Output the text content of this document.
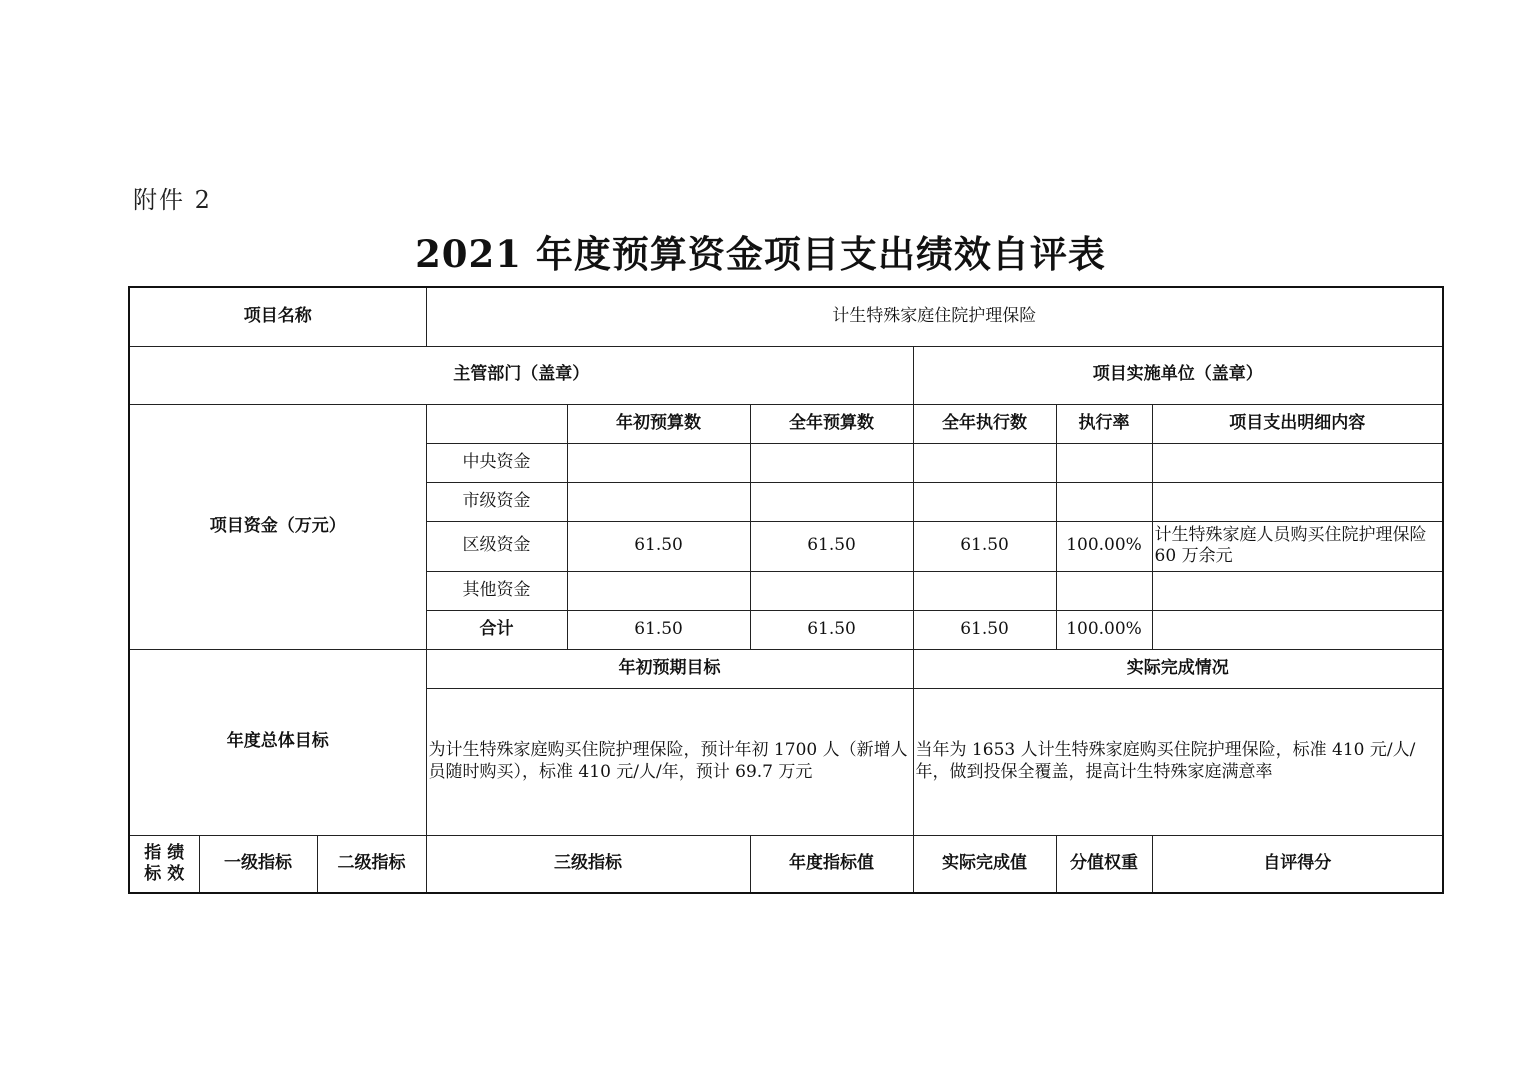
附件 2
2021 年度预算资金项目支出绩效自评表
项目名称			计生特殊家庭住院护理保险					
主管部门（盖章）						项目实施单位（盖章）		
项目资金（万元）				年初预算数	全年预算数	全年执行数	执行率	项目支出明细内容
			中央资金					
			市级资金					
			区级资金	61.50	61.50	61.50	100.00%	计生特殊家庭人员购买住院护理保险 60 万余元
			其他资金					
			合计	61.50	61.50	61.50	100.00%	
年度总体目标			年初预期目标			实际完成情况		
			为计生特殊家庭购买住院护理保险，预计年初 1700 人（新增人员随时购买），标准 410 元/人/年，预计 69.7 万元			当年为 1653 人计生特殊家庭购买住院护理保险，标准 410 元/人/年，做到投保全覆盖，提高计生特殊家庭满意率		
指 绩
标 效	一级指标	二级指标	三级指标		年度指标值	实际完成值	分值权重	自评得分
